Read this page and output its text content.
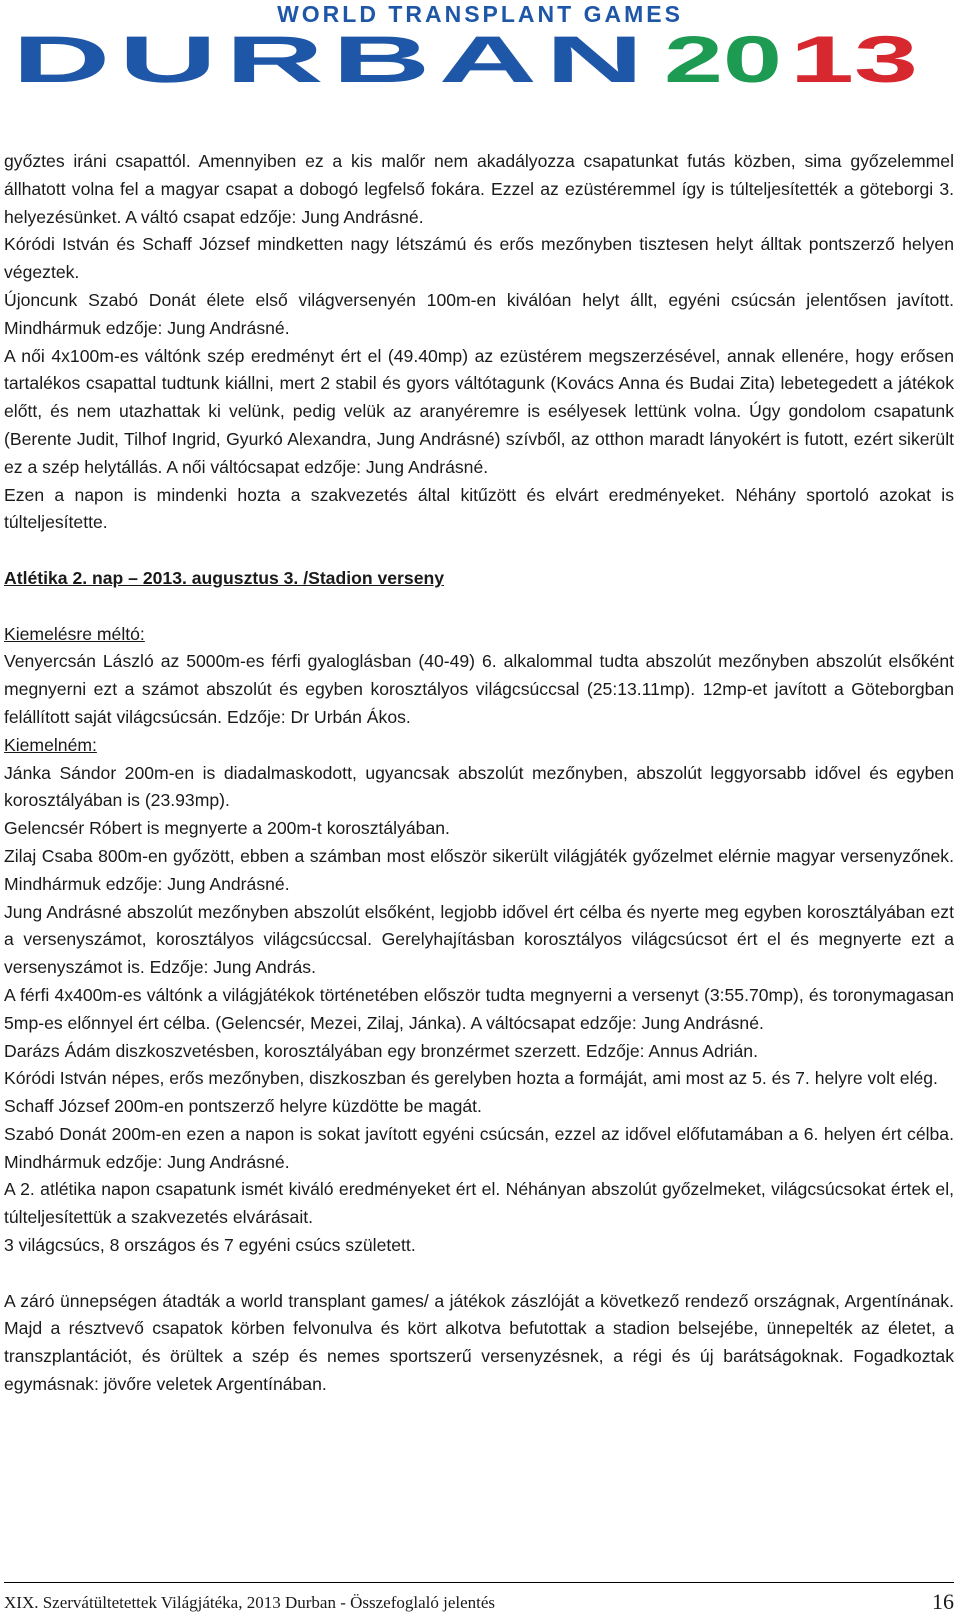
WORLD TRANSPLANT GAMES
DURBAN 20 13

győztes iráni csapattól. Amennyiben ez a kis malőr nem akadályozza csapatunkat futás közben, sima győzelemmel állhatott volna fel a magyar csapat a dobogó legfelső fokára. Ezzel az ezüstéremmel így is túlteljesítették a göteborgi 3. helyezésünket. A váltó csapat edzője: Jung Andrásné.

Kóródi István és Schaff József mindketten nagy létszámú és erős mezőnyben tisztesen helyt álltak pontszerző helyen végeztek.

Újoncunk Szabó Donát élete első világversenyén 100m-en kiválóan helyt állt, egyéni csúcsán jelentősen javított. Mindhármuk edzője: Jung Andrásné.

A női 4x100m-es váltónk szép eredményt ért el (49.40mp) az ezüstérem megszerzésével, annak ellenére, hogy erősen tartalékos csapattal tudtunk kiállni, mert 2 stabil és gyors váltótagunk (Kovács Anna és Budai Zita) lebetegedett a játékok előtt, és nem utazhattak ki velünk, pedig velük az aranyéremre is esélyesek lettünk volna. Úgy gondolom csapatunk (Berente Judit, Tilhof Ingrid, Gyurkó Alexandra, Jung Andrásné) szívből, az otthon maradt lányokért is futott, ezért sikerült ez a szép helytállás. A női váltócsapat edzője: Jung Andrásné.

Ezen a napon is mindenki hozta a szakvezetés által kitűzött és elvárt eredményeket. Néhány sportoló azokat is túlteljesítette.

Atlétika 2. nap – 2013. augusztus 3. /Stadion verseny

Kiemelésre méltó:

Venyercsán László az 5000m-es férfi gyaloglásban (40-49) 6. alkalommal tudta abszolút mezőnyben abszolút elsőként megnyerni ezt a számot abszolút és egyben korosztályos világcsúccsal (25:13.11mp). 12mp-et javított a Göteborgban felállított saját világcsúcsán. Edzője: Dr Urbán Ákos.

Kiemelném:

Jánka Sándor 200m-en is diadalmaskodott, ugyancsak abszolút mezőnyben, abszolút leggyorsabb idővel és egyben korosztályában is (23.93mp).

Gelencsér Róbert is megnyerte a 200m-t korosztályában.

Zilaj Csaba 800m-en győzött, ebben a számban most először sikerült világjáték győzelmet elérnie magyar versenyzőnek. Mindhármuk edzője: Jung Andrásné.

Jung Andrásné abszolút mezőnyben abszolút elsőként, legjobb idővel ért célba és nyerte meg egyben korosztályában ezt a versenyszámot, korosztályos világcsúccsal. Gerelyhajításban korosztályos világcsúcsot ért el és megnyerte ezt a versenyszámot is. Edzője: Jung András.

A férfi 4x400m-es váltónk a világjátékok történetében először tudta megnyerni a versenyt (3:55.70mp), és toronymagasan 5mp-es előnnyel ért célba. (Gelencsér, Mezei, Zilaj, Jánka). A váltócsapat edzője: Jung Andrásné.

Darázs Ádám diszkoszvetésben, korosztályában egy bronzérmet szerzett. Edzője: Annus Adrián.

Kóródi István népes, erős mezőnyben, diszkoszban és gerelyben hozta a formáját, ami most az 5. és 7. helyre volt elég.

Schaff József 200m-en pontszerző helyre küzdötte be magát.

Szabó Donát 200m-en ezen a napon is sokat javított egyéni csúcsán, ezzel az idővel előfutamában a 6. helyen ért célba. Mindhármuk edzője: Jung Andrásné.

A 2. atlétika napon csapatunk ismét kiváló eredményeket ért el. Néhányan abszolút győzelmeket, világcsúcsokat értek el, túlteljesítettük a szakvezetés elvárásait.

3 világcsúcs, 8 országos és 7 egyéni csúcs született.

A záró ünnepségen átadták a world transplant games/ a játékok zászlóját a következő rendező országnak, Argentínának. Majd a résztvevő csapatok körben felvonulva és kört alkotva befutottak a stadion belsejébe, ünnepelték az életet, a transzplantációt, és örültek a szép és nemes sportszerű versenyzésnek, a régi és új barátságoknak. Fogadkoztak egymásnak: jövőre veletek Argentínában.

XIX. Szervátültetettek Világjátéka, 2013 Durban - Összefoglaló jelentés	16
